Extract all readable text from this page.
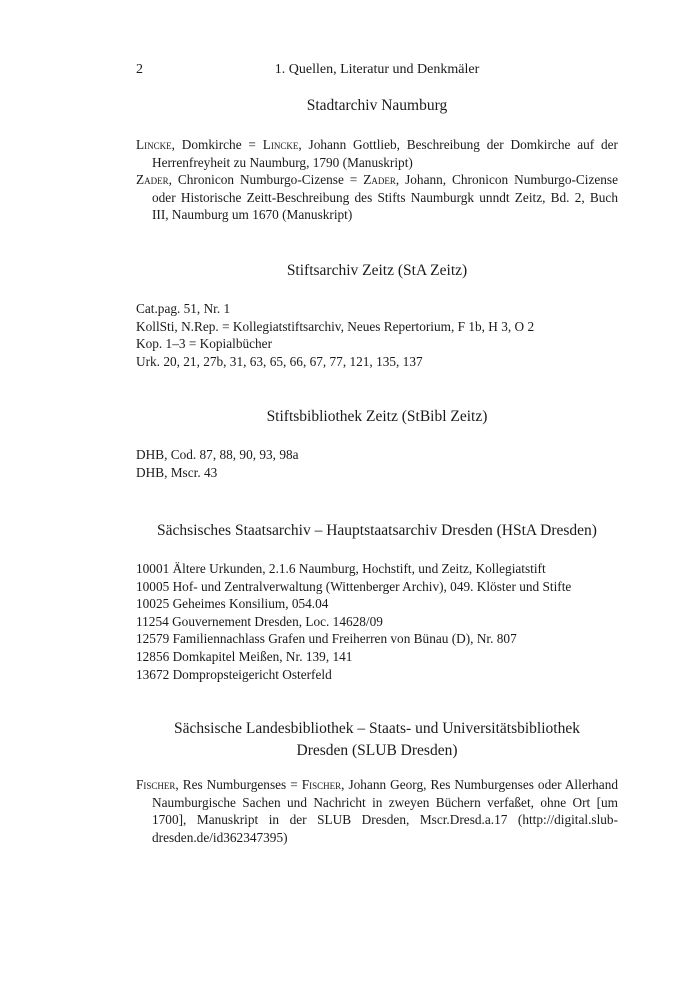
2	1. Quellen, Literatur und Denkmäler
Stadtarchiv Naumburg
Lincke, Domkirche = Lincke, Johann Gottlieb, Beschreibung der Domkirche auf der Herrenfreyheit zu Naumburg, 1790 (Manuskript)
Zader, Chronicon Numburgo-Cizense = Zader, Johann, Chronicon Numburgo-Cizense oder Historische Zeitt-Beschreibung des Stifts Naumburgk unndt Zeitz, Bd. 2, Buch III, Naumburg um 1670 (Manuskript)
Stiftsarchiv Zeitz (StA Zeitz)
Cat.pag. 51, Nr. 1
KollSti, N.Rep. = Kollegiatstiftsarchiv, Neues Repertorium, F 1b, H 3, O 2
Kop. 1–3 = Kopialbücher
Urk. 20, 21, 27b, 31, 63, 65, 66, 67, 77, 121, 135, 137
Stiftsbibliothek Zeitz (StBibl Zeitz)
DHB, Cod. 87, 88, 90, 93, 98a
DHB, Mscr. 43
Sächsisches Staatsarchiv – Hauptstaatsarchiv Dresden (HStA Dresden)
10001 Ältere Urkunden, 2.1.6 Naumburg, Hochstift, und Zeitz, Kollegiatstift
10005 Hof- und Zentralverwaltung (Wittenberger Archiv), 049. Klöster und Stifte
10025 Geheimes Konsilium, 054.04
11254 Gouvernement Dresden, Loc. 14628/09
12579 Familiennachlass Grafen und Freiherren von Bünau (D), Nr. 807
12856 Domkapitel Meißen, Nr. 139, 141
13672 Dompropsteigericht Osterfeld
Sächsische Landesbibliothek – Staats- und Universitätsbibliothek
Dresden (SLUB Dresden)
Fischer, Res Numburgenses = Fischer, Johann Georg, Res Numburgenses oder Allerhand Naumburgische Sachen und Nachricht in zweyen Büchern verfaßet, ohne Ort [um 1700], Manuskript in der SLUB Dresden, Mscr.Dresd.a.17 (http://digital.slub-dresden.de/id362347395)
